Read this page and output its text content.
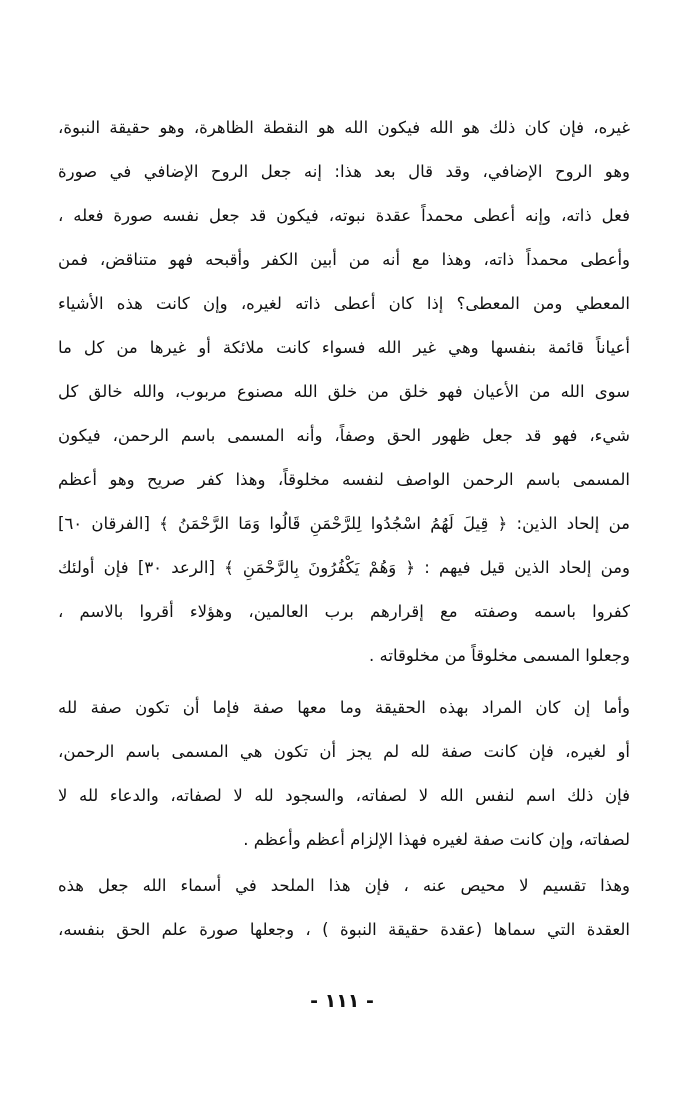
غيره، فإن كان ذلك هو الله فيكون الله هو النقطة الظاهرة، وهو حقيقة النبوة،
وهو الروح الإضافي، وقد قال بعد هذا: إنه جعل الروح الإضافي في صورة
فعل ذاته، وإنه أعطى محمداً عقدة نبوته، فيكون قد جعل نفسه صورة فعله ،
وأعطى محمداً ذاته، وهذا مع أنه من أبين الكفر وأقبحه فهو متناقض، فمن
المعطي ومن المعطى؟ إذا كان أعطى ذاته لغيره، وإن كانت هذه الأشياء
أعياناً قائمة بنفسها وهي غير الله فسواء كانت ملائكة أو غيرها من كل ما
سوى الله من الأعيان فهو خلق من خلق الله مصنوع مربوب، والله خالق كل
شيء، فهو قد جعل ظهور الحق وصفاً، وأنه المسمى باسم الرحمن، فيكون
المسمى باسم الرحمن الواصف لنفسه مخلوقاً، وهذا كفر صريح وهو أعظم
من إلحاد الذين: ﴿ قِيلَ لَهُمُ اسْجُدُوا لِلرَّحْمَنِ قَالُوا وَمَا الرَّحْمَنُ ﴾ [الفرقان ٦٠]
ومن إلحاد الذين قيل فيهم : ﴿ وَهُمْ يَكْفُرُونَ بِالرَّحْمَنِ ﴾ [الرعد ٣٠] فإن أولئك
كفروا باسمه وصفته مع إقرارهم برب العالمين، وهؤلاء أقروا بالاسم ،
وجعلوا المسمى مخلوقاً من مخلوقاته .
وأما إن كان المراد بهذه الحقيقة وما معها صفة فإما أن تكون صفة لله
أو لغيره، فإن كانت صفة لله لم يجز أن تكون هي المسمى باسم الرحمن،
فإن ذلك اسم لنفس الله لا لصفاته، والسجود لله لا لصفاته، والدعاء لله لا
لصفاته، وإن كانت صفة لغيره فهذا الإلزام أعظم وأعظم .
وهذا تقسيم لا محيص عنه ، فإن هذا الملحد في أسماء الله جعل هذه
العقدة التي سماها (عقدة حقيقة النبوة ) ، وجعلها صورة علم الحق بنفسه،
- ١١١ -
